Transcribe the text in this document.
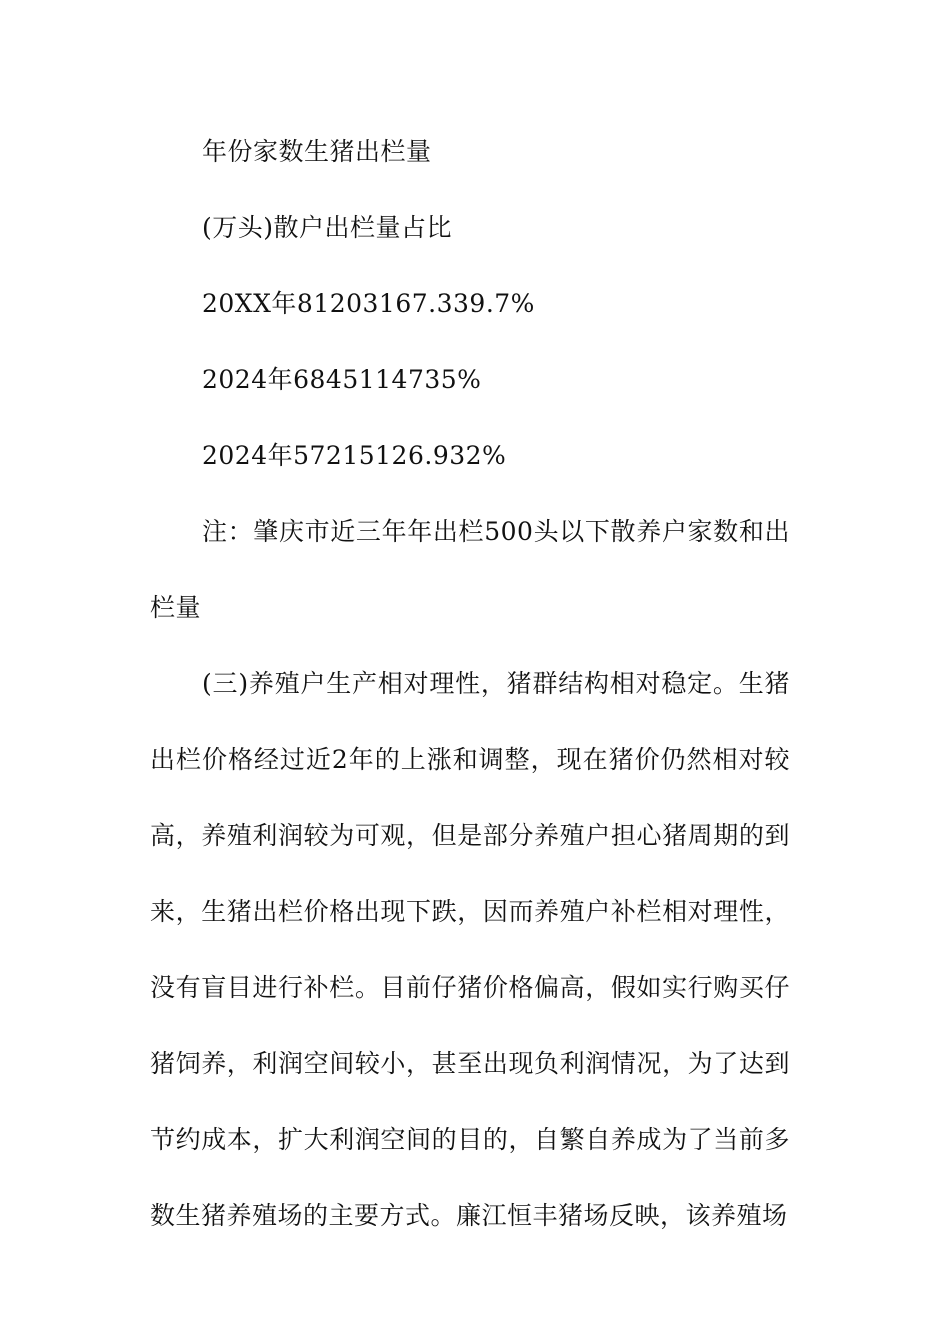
年份家数生猪出栏量
(万头)散户出栏量占比
20XX年81203167.339.7%
2024年6845114735%
2024年57215126.932%
注：肇庆市近三年年出栏500头以下散养户家数和出栏量
(三)养殖户生产相对理性，猪群结构相对稳定。生猪出栏价格经过近2年的上涨和调整，现在猪价仍然相对较高，养殖利润较为可观，但是部分养殖户担心猪周期的到来，生猪出栏价格出现下跌，因而养殖户补栏相对理性，没有盲目进行补栏。目前仔猪价格偏高，假如实行购买仔猪饲养，利润空间较小，甚至出现负利润情况，为了达到节约成本，扩大利润空间的目的，自繁自养成为了当前多数生猪养殖场的主要方式。廉江恒丰猪场反映，该养殖场
